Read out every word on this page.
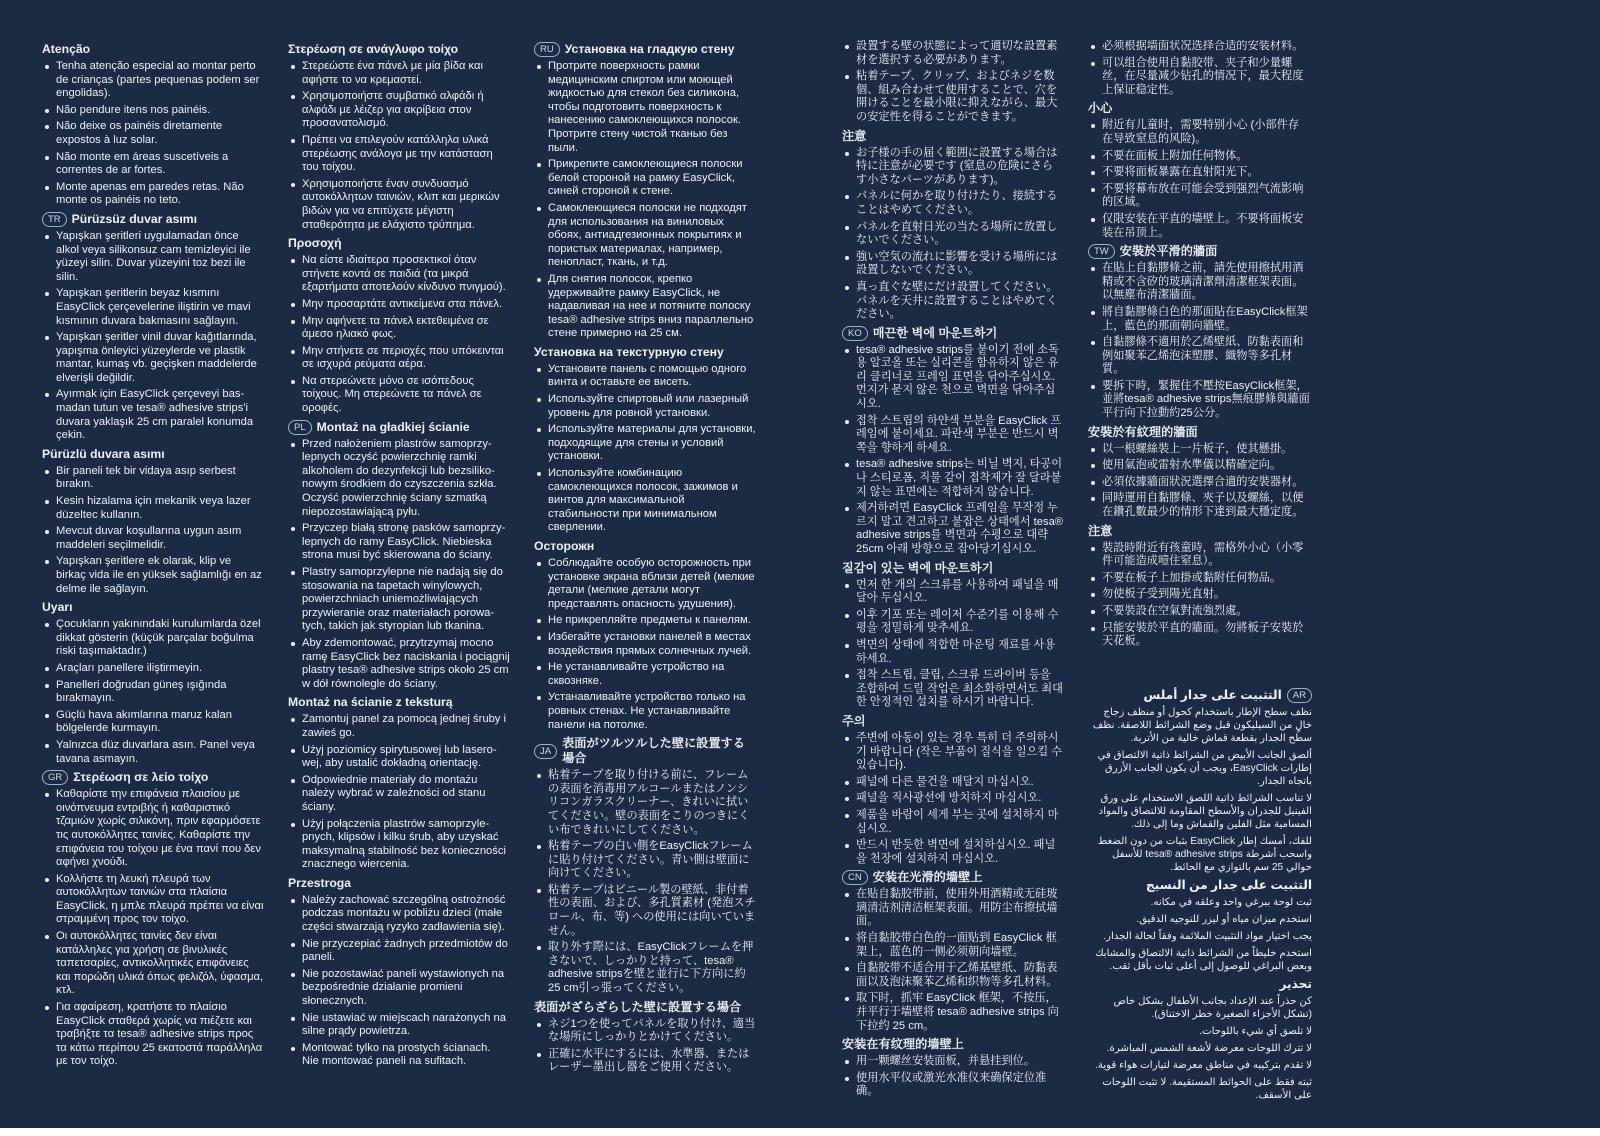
Atenção
Tenha atenção especial ao montar perto de crianças (partes pequenas podem ser engolidas).
Não pendure itens nos painéis.
Não deixe os painéis diretamente expostos à luz solar.
Não monte em áreas suscetíveis a correntes de ar fortes.
Monte apenas em paredes retas. Não monte os painéis no teto.
TR Pürüzsüz duvar asımı
Yapışkan şeritleri uygulamadan önce alkol veya silikonsuz cam temizleyici ile yüzeyi silin. Duvar yüzeyini toz bezi ile silin.
Yapışkan şeritlerin beyaz kısmını EasyClick çerçevelerine iliştirin ve mavi kısmının duvara bakmasını sağlayın.
Yapışkan şeritler vinil duvar kağıtlarında, yapışma önleyici yüzeylerde ve plastik mantar, kumaş vb. geçişken maddelerde elverişli değildir.
Ayırmak için EasyClick çerçeveyi bas-madan tutun ve tesa® adhesive strips'i duvara yaklaşık 25 cm paralel konumda çekin.
Pürüzlü duvara asımı
Bir paneli tek bir vidaya asıp serbest bırakın.
Kesin hizalama için mekanik veya lazer düzeltec kullanın.
Mevcut duvar koşullarına uygun asım maddeleri seçilmelidir.
Yapışkan şeritlere ek olarak, klip ve birkaç vida ile en yüksek sağlamlığı en az delme ile sağlayın.
Uyarı
Çocukların yakınındaki kurulumlarda özel dikkat gösterin (küçük parçalar boğulma riski taşımaktadır.)
Araçları panellere iliştirmeyin.
Panelleri doğrudan güneş ışığında bırakmayın.
Güçlü hava akımlarına maruz kalan bölgelerde kurmayın.
Yalnızca düz duvarlara asın. Panel veya tavana asmayın.
GR Στερέωση σε λείο τοίχο
Καθαρίστε την επιφάνεια πλαισίου με οινόπνευμα εντριβής ή καθαριστικό τζαμιών χωρίς σιλικόνη, πριν εφαρμόσετε τις αυτοκόλλητες ταινίες. Καθαρίστε την επιφάνεια του τοίχου με ένα πανί που δεν αφήνει χνούδι.
Κολλήστε τη λευκή πλευρά των αυτοκόλλητων ταινιών στα πλαίσια EasyClick, η μπλε πλευρά πρέπει να είναι στραμμένη προς τον τοίχο.
Οι αυτοκόλλητες ταινίες δεν είναι κατάλληλες για χρήση σε βινυλικές ταπετσαρίες, αντικολλητικές επιφάνειες και πορώδη υλικά όπως φελιζόλ, ύφασμα, κτλ.
Για αφαίρεση, κρατήστε το πλαίσιο EasyClick σταθερά χωρίς να πιέζετε και τραβήξτε τα tesa® adhesive strips προς τα κάτω περίπου 25 εκατοστά παράλληλα με τον τοίχο.
Στερέωση σε ανάγλυφο τοίχο
Στερεώστε ένα πάνελ με μία βίδα και αφήστε το να κρεμαστεί.
Χρησιμοποιήστε συμβατικό αλφάδι ή αλφάδι με λέιζερ για ακρίβεια στον προσανατολισμό.
Πρέπει να επιλεγούν κατάλληλα υλικά στερέωσης ανάλογα με την κατάσταση του τοίχου.
Χρησιμοποιήστε έναν συνδυασμό αυτοκόλλητων ταινιών, κλιπ και μερικών βιδών για να επιτύχετε μέγιστη σταθερότητα με ελάχιστο τρύπημα.
Προσοχή
Να είστε ιδιαίτερα προσεκτικοί όταν στήνετε κοντά σε παιδιά (τα μικρά εξαρτήματα αποτελούν κίνδυνο πνιγμού).
Μην προσαρτάτε αντικείμενα στα πάνελ.
Μην αφήνετε τα πάνελ εκτεθειμένα σε άμεσο ηλιακό φως.
Μην στήνετε σε περιοχές που υπόκεινται σε ισχυρά ρεύματα αέρα.
Να στερεώνετε μόνο σε ισόπεδους τοίχους. Μη στερεώνετε τα πάνελ σε οροφές.
PL Montaż na gładkiej ścianie
Przed nałożeniem plastrów samoprzy-lepnych oczyść powierzchnię ramki alkoholem do dezynfekcji lub bezsiliko-nowym środkiem do czyszczenia szkła. Oczyść powierzchnię ściany szmatką niepozostawiającą pyłu.
Przyczep białą stronę pasków samoprzy-lepnych do ramy EasyClick. Niebieska strona musi być skierowana do ściany.
Plastry samoprzylepne nie nadają się do stosowania na tapetach winylowych, powierzchniach uniemożliwiających przywieranie oraz materiałach porowa-tych, takich jak styropian lub tkanina.
Aby zdemontować, przytrzymaj mocno ramę EasyClick bez naciskania i pociągnij plastry tesa® adhesive strips około 25 cm w dół równolegle do ściany.
Montaż na ścianie z teksturą
Zamontuj panel za pomocą jednej śruby i zawieś go.
Użyj poziomicy spirytusowej lub lasero-wej, aby ustalić dokładną orientację.
Odpowiednie materiały do montażu należy wybrać w zależności od stanu ściany.
Użyj połączenia plastrów samoprzyle-pnych, klipsów i kilku śrub, aby uzyskać maksymalną stabilność bez konieczności znacznego wiercenia.
Przestroga
Należy zachować szczególną ostrożność podczas montażu w pobliżu dzieci (małe części stwarzają ryzyko zadławienia się).
Nie przyczepiać żadnych przedmiotów do paneli.
Nie pozostawiać paneli wystawionych na bezpośrednie działanie promieni słonecznych.
Nie ustawiać w miejscach narażonych na silne prądy powietrza.
Montować tylko na prostych ścianach. Nie montować paneli na sufitach.
RU Установка на гладкую стену
Протрите поверхность рамки медицинским спиртом или моющей жидкостью для стекол без силикона, чтобы подготовить поверхность к нанесению самоклеющихся полосок. Протрите стену чистой тканью без пыли.
Прикрепите самоклеющиеся полоски белой стороной на рамку EasyClick, синей стороной к стене.
Самоклеющиеся полоски не подходят для использования на виниловых обоях, антиадгезионных покрытиях и пористых материалах, например, пенопласт, ткань, и т.д.
Для снятия полосок, крепко удерживайте рамку EasyClick, не надавливая на нее и потяните полоску tesa® adhesive strips вниз параллельно стене примерно на 25 см.
Установка на текстурную стену
Установите панель с помощью одного винта и оставьте ее висеть.
Используйте спиртовый или лазерный уровень для ровной установки.
Используйте материалы для установки, подходящие для стены и условий установки.
Используйте комбинацию самоклеющихся полосок, зажимов и винтов для максимальной стабильности при минимальном сверлении.
Осторожн
Соблюдайте особую осторожность при установке экрана вблизи детей (мелкие детали (мелкие детали могут представлять опасность удушения).
Не прикрепляйте предметы к панелям.
Избегайте установки панелей в местах воздействия прямых солнечных лучей.
Не устанавливайте устройство на сквозняке.
Устанавливайте устройство только на ровных стенах. Не устанавливайте панели на потолке.
JA
表面がツルツルした壁に設置する場合
粘着テープを取り付ける前に、フレームの表面を消毒用アルコールまたはノンシリコンガラスクリーナー、きれいに拭いてください。壁の表面をこりのつきにくい布できれいにしてください。
粘着テープの白い側をEasyClickフレームに貼り付けてください。青い側は壁面に向けてください。
粘着テープはビニール製の壁紙、非付着性の表面、および、多孔質素材 (発泡スチロール、布、等) への使用には向いていません。
取り外す際には、EasyClickフレームを押さないで、しっかりと持って、tesa® adhesive stripsを壁と並行に下方向に約25 cm引っ張ってください。
表面がざらざらした壁に設置する場合
ネジ1つを使ってパネルを取り付け、適当な場所にしっかりとかけてください。
正確に水平にするには、水準器、またはレーザー墨出し器をご使用ください。
設置する壁の状態によって適切な設置素材を選択する必要があります。
粘着テープ、クリップ、およびネジを数個、組み合わせて使用することで、穴を開けることを最小限に抑えながら、最大の安定性を得ることができます。
注意
お子様の手の届く範囲に設置する場合は特に注意が必要です (窒息の危険にさらす小さなパーツがあります)。
パネルに何かを取り付けたり、接続することはやめてください。
パネルを直射日光の当たる場所に放置しないでください。
強い空気の流れに影響を受ける場所には設置しないでください。
真っ直ぐな壁にだけ設置してください。パネルを天井に設置することはやめてください。
KO 매끈한 벽에 마운트하기
tesa® adhesive strips를 붙이기 전에 소독용 알코올 또는 실리콘을 함유하지 않은 유리 클리너로 프레임 표면을 닦아주십시오. 먼지가 묻지 않은 천으로 벽면을 닦아주십시오.
접착 스트립의 하얀색 부분을 EasyClick 프레임에 붙이세요. 파란색 부분은 반드시 벽쪽을 향하게 하세요.
tesa® adhesive strips는 비닐 벽지, 타공이나 스티로폼, 직물 같이 접착제가 잘 달라붙지 않는 표면에는 적합하지 않습니다.
제거하려면 EasyClick 프레임을 무작정 누르지 말고 견고하고 붙잡은 상태에서 tesa® adhesive strips를 벽면과 수평으로 대략 25cm 아래 방향으로 잡아당기십시오.
질감이 있는 벽에 마운트하기
먼저 한 개의 스크류를 사용하여 패널을 매달아 두십시오.
이후 기포 또는 레이저 수준기를 이용해 수평을 정밀하게 맞추세요.
벽면의 상태에 적합한 마운팅 재료를 사용하세요.
접착 스트립, 클립, 스크류 드라이버 등을 조합하여 드릴 작업은 최소화하면서도 최대한 안정적인 설치를 하시기 바랍니다.
주의
주변에 아동이 있는 경우 특히 더 주의하시기 바랍니다 (작은 부품이 질식을 일으킬 수 있습니다).
패널에 다른 물건을 매달지 마십시오.
패널을 직사광선에 방치하지 마십시오.
제품을 바람이 세게 부는 곳에 설치하지 마십시오.
반드시 반듯한 벽면에 설치하십시오. 패널을 천장에 설치하지 마십시오.
CN 安装在光滑的墙壁上
在贴自黏胶带前，使用外用酒精或无硅玻璃清洁剂清洁框架表面。用防尘布擦拭墙面。
将自黏胶带白色的一面贴到 EasyClick 框架上，蓝色的一侧必须朝向墙壁。
自黏胶带不适合用于乙烯基壁纸、防黏表面以及泡沫聚苯乙烯和织物等多孔材料。
取下时，抓牢 EasyClick 框架，不按压，并平行于墙壁将 tesa® adhesive strips 向下拉约 25 cm。
安装在有纹理的墙壁上
用一颗螺丝安装面板，并悬挂到位。
使用水平仪或激光水准仪来确保定位准确。
必须根据墙面状况选择合适的安装材料。
可以组合使用自黏胶带、夹子和少量螺丝，在尽量减少钻孔的情况下，最大程度上保证稳定性。
小心
附近有儿童时，需要特别小心 (小部件存在导致窒息的风险)。
不要在面板上附加任何物体。
不要将面板暴露在直射阳光下。
不要将幕布放在可能会受到强烈气流影响的区域。
仅限安装在平直的墙壁上。不要将面板安装在吊顶上。
TW 安裝於平滑的牆面
在貼上自黏膠條之前，請先使用擦拭用酒精或不含矽的玻璃清潔劑清潔框架表面。以無塵布清潔牆面。
將自黏膠條白色的那面貼在EasyClick框架上，藍色的那面朝向牆壁。
自黏膠條不適用於乙烯壁紙、防黏表面和例如聚苯乙烯泡沫塑膠、織物等多孔材質。
要拆下時，緊握住不壓按EasyClick框架，並將tesa® adhesive strips無痕膠條與牆面平行向下拉動約25公分。
安裝於有紋理的牆面
以一根螺絲裝上一片板子，使其懸掛。
使用氣泡或雷射水準儀以精確定向。
必須依據牆面狀況選擇合適的安裝器材。
同時運用自黏膠條、夾子以及螺絲，以便在鑽孔數最少的情形下達到最大穩定度。
注意
裝設時附近有孩童時，需格外小心（小零件可能造成噎住窒息）。
不要在板子上加掛或黏附任何物品。
勿使板子受到陽光直射。
不要裝設在空氣對流強烈處。
只能安裝於平直的牆面。勿將板子安裝於天花板。
AR
التثبيت على جدار أملس

نظف سطح الإطار باستخدام كحول أو منظف زجاج خالٍ من السيليكون قبل وضع الشرائط اللاصقة. نظف سطح الجدار بقطعة قماش خالية من الأتربة.

ألصق الجانب الأبيض من الشرائط ذاتية الالتصاق في إطارات EasyClick، ويجب أن يكون الجانب الأزرق باتجاه الجدار.

لا تناسب الشرائط ذاتية اللصق الاستخدام على ورق الفينيل للجدران والأسطح المقاومة للالتصاق والمواد المسامية مثل الفلين والقماش وما إلى ذلك.

للفك، أمسك إطار EasyClick بثبات من دون الضغط واسحب أشرطة tesa® adhesive strips للأسفل حوالي 25 سم بالتوازي مع الحائط.

التثبيت على جدار من النسيج

ثبت لوحة ببرغي واحد وعلقه في مكانه.

استخدم ميزان مياه أو ليزر للتوجيه الدقيق.

يجب اختيار مواد التثبيت الملائمة وفقاً لحالة الجدار.

استخدم خليطاً من الشرائط ذاتية الالتصاق والمشابك وبعض البراغي للوصول إلى أعلى ثبات بأقل ثقب.

تحذير

كن حذراً عند الإعداد بجانب الأطفال بشكل خاص (تشكل الأجزاء الصغيرة خطر الاختناق).

لا تلصق أي شيء باللوحات.

لا تترك اللوحات معرضة لأشعة الشمس المباشرة.

لا تقدم بتركيبه في مناطق معرضة لتيارات هواء قوية.

ثبته فقط على الحوائط المستقيمة. لا تثبت اللوحات على الأسقف.
